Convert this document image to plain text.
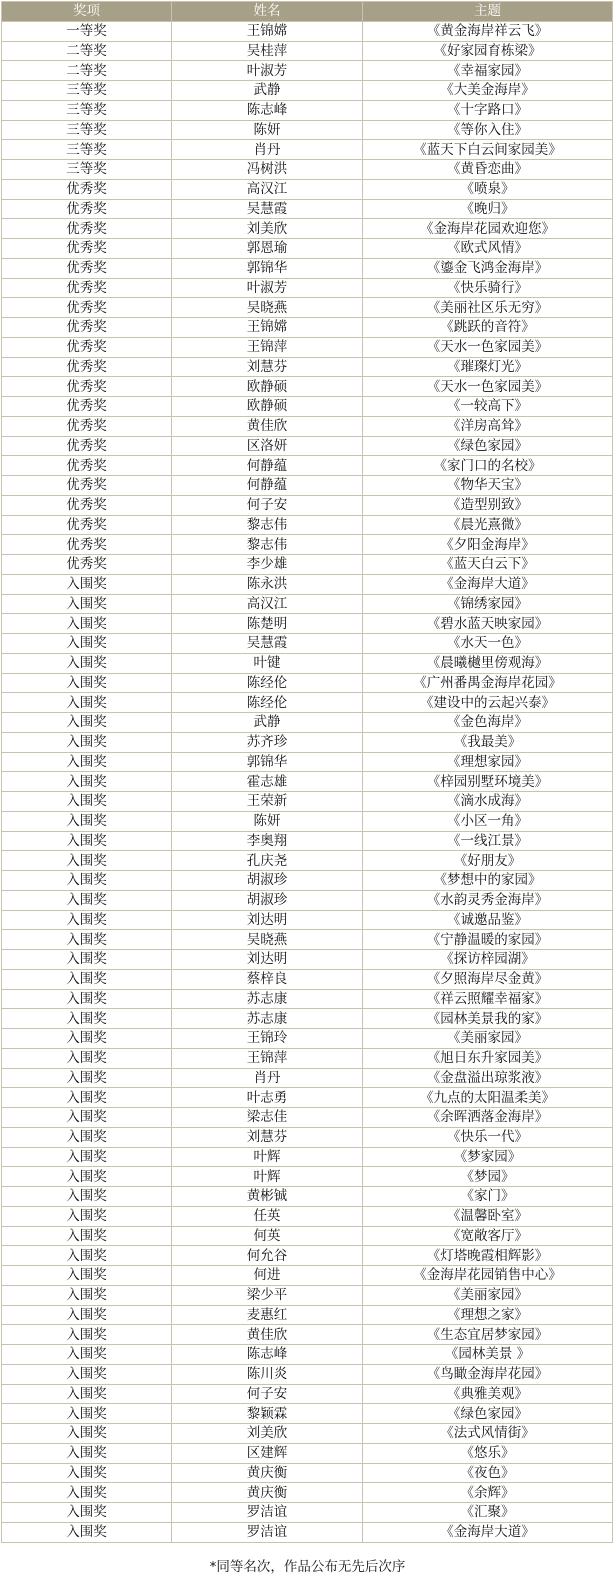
奖项	姓名	主题
一等奖	王锦嫦	《黄金海岸祥云飞》
二等奖	吴桂萍	《好家园育栋梁》
二等奖	叶淑芳	《幸福家园》
三等奖	武静	《大美金海岸》
三等奖	陈志峰	《十字路口》
三等奖	陈妍	《等你入住》
三等奖	肖丹	《蓝天下白云间家园美》
三等奖	冯树洪	《黄昏恋曲》
优秀奖	高汉江	《喷泉》
优秀奖	吴慧霞	《晚归》
优秀奖	刘美欣	《金海岸花园欢迎您》
优秀奖	郭恩瑜	《欧式风情》
优秀奖	郭锦华	《鎏金飞鸿金海岸》
优秀奖	叶淑芳	《快乐骑行》
优秀奖	吴晓燕	《美丽社区乐无穷》
优秀奖	王锦嫦	《跳跃的音符》
优秀奖	王锦萍	《天水一色家园美》
优秀奖	刘慧芬	《璀璨灯光》
优秀奖	欧静硕	《天水一色家园美》
优秀奖	欧静硕	《一较高下》
优秀奖	黄佳欣	《洋房高耸》
优秀奖	区洛妍	《绿色家园》
优秀奖	何静蕴	《家门口的名校》
优秀奖	何静蕴	《物华天宝》
优秀奖	何子安	《造型别致》
优秀奖	黎志伟	《晨光熹微》
优秀奖	黎志伟	《夕阳金海岸》
优秀奖	李少雄	《蓝天白云下》
入围奖	陈永洪	《金海岸大道》
入围奖	高汉江	《锦绣家园》
入围奖	陈楚明	《碧水蓝天映家园》
入围奖	吴慧霞	《水天一色》
入围奖	叶键	《晨曦樾里傍观海》
入围奖	陈经伦	《广州番禺金海岸花园》
入围奖	陈经伦	《建设中的云起兴泰》
入围奖	武静	《金色海岸》
入围奖	苏齐珍	《我最美》
入围奖	郭锦华	《理想家园》
入围奖	霍志雄	《梓园别墅环境美》
入围奖	王荣新	《滴水成海》
入围奖	陈妍	《小区一角》
入围奖	李奥翔	《一线江景》
入围奖	孔庆尧	《好朋友》
入围奖	胡淑珍	《梦想中的家园》
入围奖	胡淑珍	《水韵灵秀金海岸》
入围奖	刘达明	《诚邀品鉴》
入围奖	吴晓燕	《宁静温暖的家园》
入围奖	刘达明	《探访梓园湖》
入围奖	蔡梓良	《夕照海岸尽金黄》
入围奖	苏志康	《祥云照耀幸福家》
入围奖	苏志康	《园林美景我的家》
入围奖	王锦玲	《美丽家园》
入围奖	王锦萍	《旭日东升家园美》
入围奖	肖丹	《金盘溢出琼浆液》
入围奖	叶志勇	《九点的太阳温柔美》
入围奖	梁志佳	《余晖洒落金海岸》
入围奖	刘慧芬	《快乐一代》
入围奖	叶辉	《梦家园》
入围奖	叶辉	《梦园》
入围奖	黄彬铖	《家门》
入围奖	任英	《温馨卧室》
入围奖	何英	《宽敞客厅》
入围奖	何允谷	《灯塔晚霞相辉影》
入围奖	何进	《金海岸花园销售中心》
入围奖	梁少平	《美丽家园》
入围奖	麦惠红	《理想之家》
入围奖	黄佳欣	《生态宜居梦家园》
入围奖	陈志峰	《园林美景 》
入围奖	陈川炎	《鸟瞰金海岸花园》
入围奖	何子安	《典雅美观》
入围奖	黎颖霖	《绿色家园》
入围奖	刘美欣	《法式风情街》
入围奖	区建辉	《悠乐》
入围奖	黄庆衡	《夜色》
入围奖	黄庆衡	《余辉》
入围奖	罗洁谊	《汇聚》
入围奖	罗洁谊	《金海岸大道》
*同等名次，作品公布无先后次序
